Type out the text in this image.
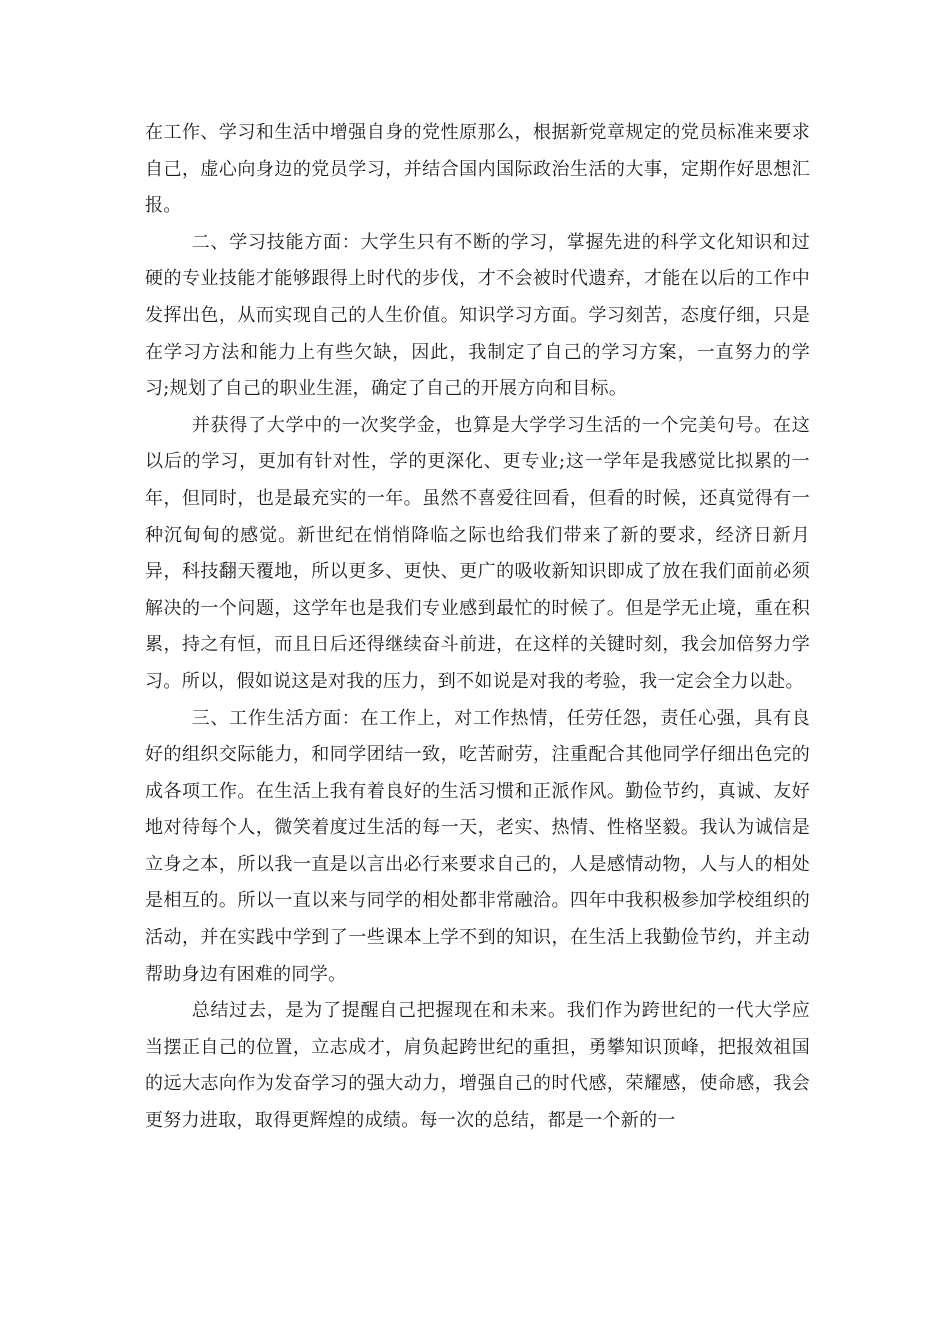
在工作、学习和生活中增强自身的党性原那么，根据新党章规定的党员标准来要求自己，虚心向身边的党员学习，并结合国内国际政治生活的大事，定期作好思想汇报。

二、学习技能方面：大学生只有不断的学习，掌握先进的科学文化知识和过硬的专业技能才能够跟得上时代的步伐，才不会被时代遗弃，才能在以后的工作中发挥出色，从而实现自己的人生价值。知识学习方面。学习刻苦，态度仔细，只是在学习方法和能力上有些欠缺，因此，我制定了自己的学习方案，一直努力的学习;规划了自己的职业生涯，确定了自己的开展方向和目标。

并获得了大学中的一次奖学金，也算是大学学习生活的一个完美句号。在这以后的学习，更加有针对性，学的更深化、更专业;这一学年是我感觉比拟累的一年，但同时，也是最充实的一年。虽然不喜爱往回看，但看的时候，还真觉得有一种沉甸甸的感觉。新世纪在悄悄降临之际也给我们带来了新的要求，经济日新月异，科技翻天覆地，所以更多、更快、更广的吸收新知识即成了放在我们面前必须解决的一个问题，这学年也是我们专业感到最忙的时候了。但是学无止境，重在积累，持之有恒，而且日后还得继续奋斗前进，在这样的关键时刻，我会加倍努力学习。所以，假如说这是对我的压力，到不如说是对我的考验，我一定会全力以赴。

三、工作生活方面：在工作上，对工作热情，任劳任怨，责任心强，具有良好的组织交际能力，和同学团结一致，吃苦耐劳，注重配合其他同学仔细出色完的成各项工作。在生活上我有着良好的生活习惯和正派作风。勤俭节约，真诚、友好地对待每个人，微笑着度过生活的每一天，老实、热情、性格坚毅。我认为诚信是立身之本，所以我一直是以言出必行来要求自己的，人是感情动物，人与人的相处是相互的。所以一直以来与同学的相处都非常融洽。四年中我积极参加学校组织的活动，并在实践中学到了一些课本上学不到的知识，在生活上我勤俭节约，并主动帮助身边有困难的同学。

总结过去，是为了提醒自己把握现在和未来。我们作为跨世纪的一代大学应当摆正自己的位置，立志成才，肩负起跨世纪的重担，勇攀知识顶峰，把报效祖国的远大志向作为发奋学习的强大动力，增强自己的时代感，荣耀感，使命感，我会更努力进取，取得更辉煌的成绩。每一次的总结，都是一个新的一
